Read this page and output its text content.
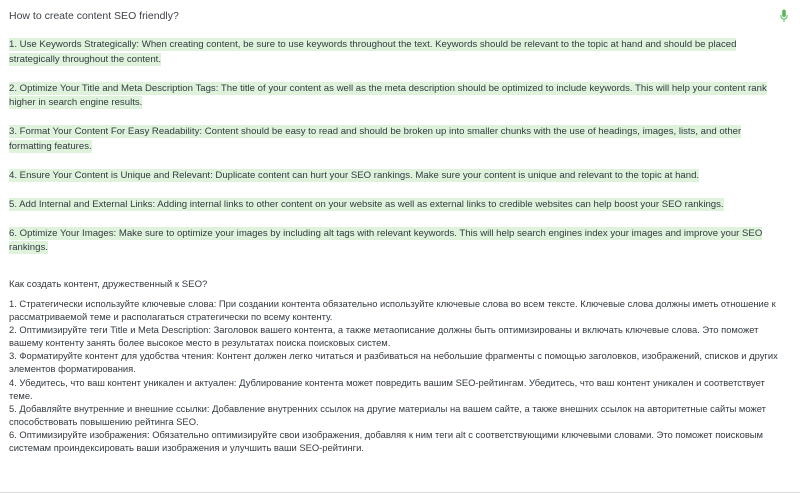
How to create content SEO friendly?

1. Use Keywords Strategically: When creating content, be sure to use keywords throughout the text. Keywords should be relevant to the topic at hand and should be placed strategically throughout the content.

2. Optimize Your Title and Meta Description Tags: The title of your content as well as the meta description should be optimized to include keywords. This will help your content rank higher in search engine results.

3. Format Your Content For Easy Readability: Content should be easy to read and should be broken up into smaller chunks with the use of headings, images, lists, and other formatting features.

4. Ensure Your Content is Unique and Relevant: Duplicate content can hurt your SEO rankings. Make sure your content is unique and relevant to the topic at hand.

5. Add Internal and External Links: Adding internal links to other content on your website as well as external links to credible websites can help boost your SEO rankings.

6. Optimize Your Images: Make sure to optimize your images by including alt tags with relevant keywords. This will help search engines index your images and improve your SEO rankings.

Как создать контент, дружественный к SEO?

1. Стратегически используйте ключевые слова: При создании контента обязательно используйте ключевые слова во всем тексте. Ключевые слова должны иметь отношение к рассматриваемой теме и располагаться стратегически по всему контенту.

2. Оптимизируйте теги Title и Meta Description: Заголовок вашего контента, а также метаописание должны быть оптимизированы и включать ключевые слова. Это поможет вашему контенту занять более высокое место в результатах поиска поисковых систем.

3. Форматируйте контент для удобства чтения: Контент должен легко читаться и разбиваться на небольшие фрагменты с помощью заголовков, изображений, списков и других элементов форматирования.

4. Убедитесь, что ваш контент уникален и актуален: Дублирование контента может повредить вашим SEO-рейтингам. Убедитесь, что ваш контент уникален и соответствует теме.

5. Добавляйте внутренние и внешние ссылки: Добавление внутренних ссылок на другие материалы на вашем сайте, а также внешних ссылок на авторитетные сайты может способствовать повышению рейтинга SEO.

6. Оптимизируйте изображения: Обязательно оптимизируйте свои изображения, добавляя к ним теги alt с соответствующими ключевыми словами. Это поможет поисковым системам проиндексировать ваши изображения и улучшить ваши SEO-рейтинги.
